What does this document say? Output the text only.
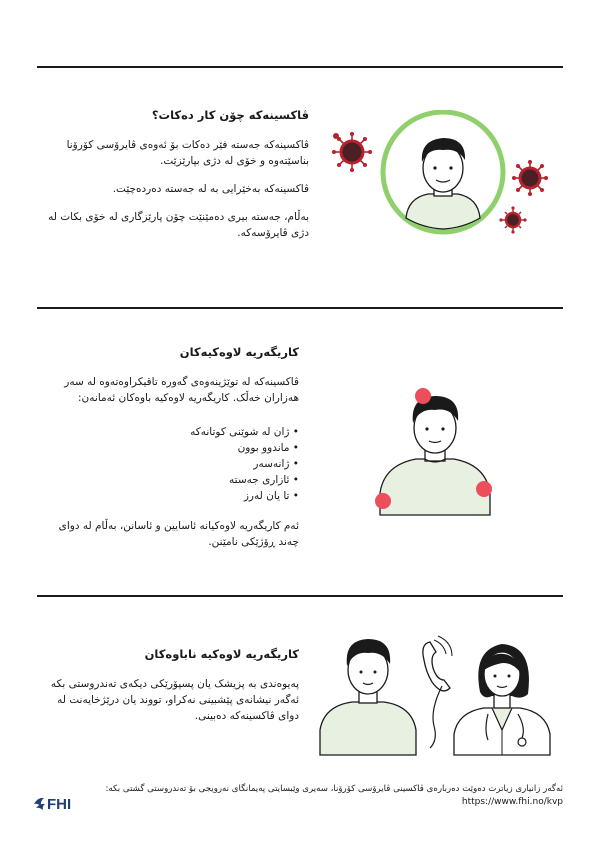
ڤاکسینەکە چۆن کار دەکات؟

ڤاکسینەکە جەستە فێر دەکات بۆ ئەوەی ڤایرۆسی کۆرۆنا بناسێتەوە و خۆی لە دژی بپارێزێت.

ڤاکسینەکە بەخێرایی بە لە جەستە دەردەچێت.

بەڵام، جەستە بیری دەمێنێت چۆن پارێزگاری لە خۆی بکات لە دژی ڤایرۆسەکە.

کاریگەریە لاوەکیەکان

ڤاکسینەکە لە توێژینەوەی گەورە تاقیکراوەتەوە لە سەر هەزاران خەڵک. کاریگەریە لاوەکیە باوەکان ئەمانەن:

• ژان لە شوێنی کوتانەکە
• ماندوو بوون
• ژانەسەر
• ئازاری جەستە
• تا یان لەرز

ئەم کاریگەریە لاوەکیانە ئاسایین و ئاسانن، بەڵام لە دوای چەند ڕۆژێکی نامێنن.

کاریگەریە لاوەکیە ناباوەکان

پەیوەندی بە پزیشک یان پسپۆرێکی دیکەی تەندروستی بکە ئەگەر نیشانەی پێشبینی نەکراو، تووند یان درێژخایەنت لە دوای ڤاکسینەکە دەبینی.

FHI
ئەگەر زانیاری زیاترت دەوێت دەربارەی ڤاکسینی ڤایرۆسی کۆرۆنا، سەیری وێبسایتی پەیمانگای نەرویجی بۆ تەندروستی گشتی بکە:
https://www.fhi.no/kvp
